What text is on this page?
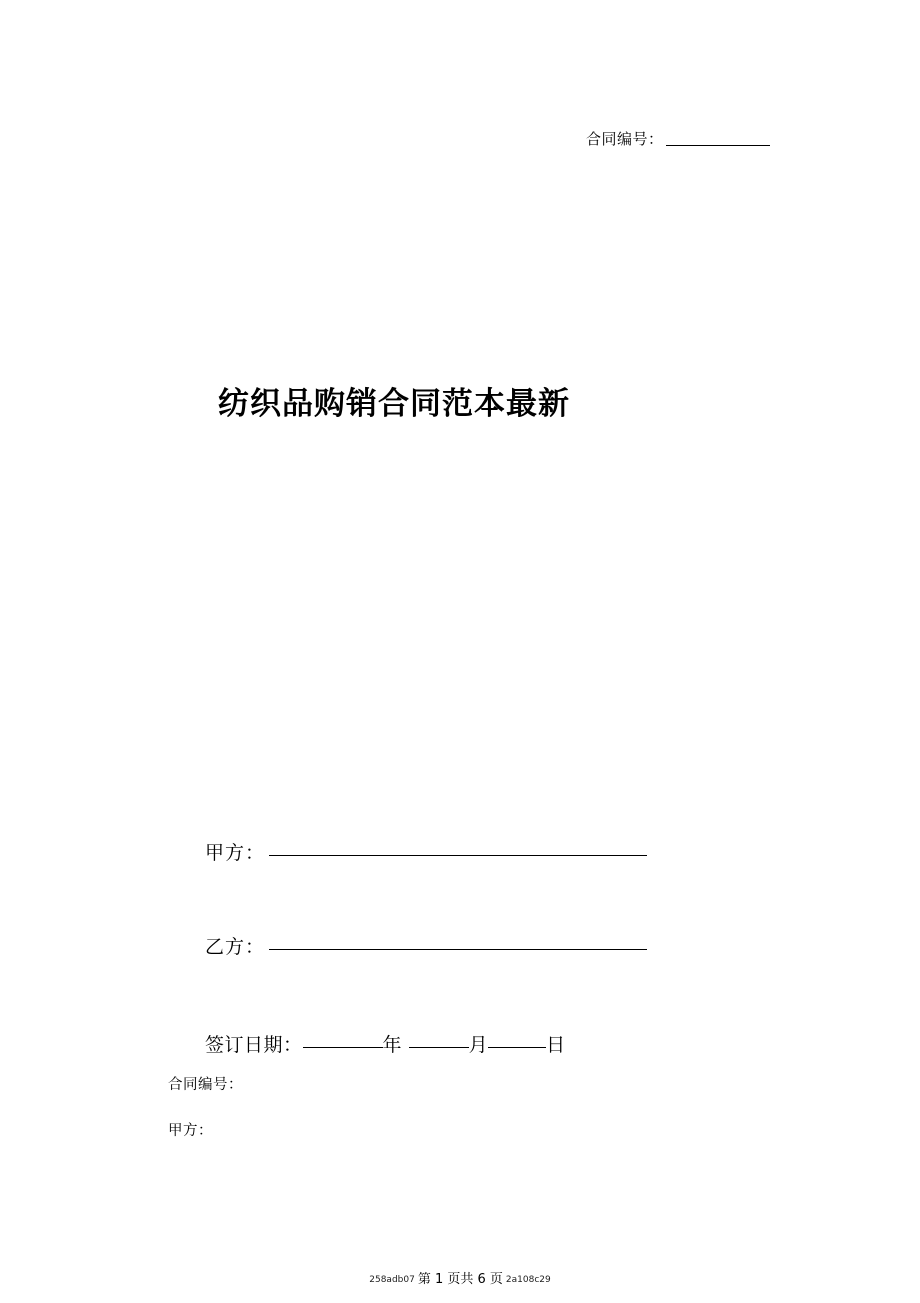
合同编号：
纺织品购销合同范本最新
甲方：
乙方：
签订日期：	年	月	日
合同编号：
甲方：
258adb07 第 1 页共 6 页 2a108c29
